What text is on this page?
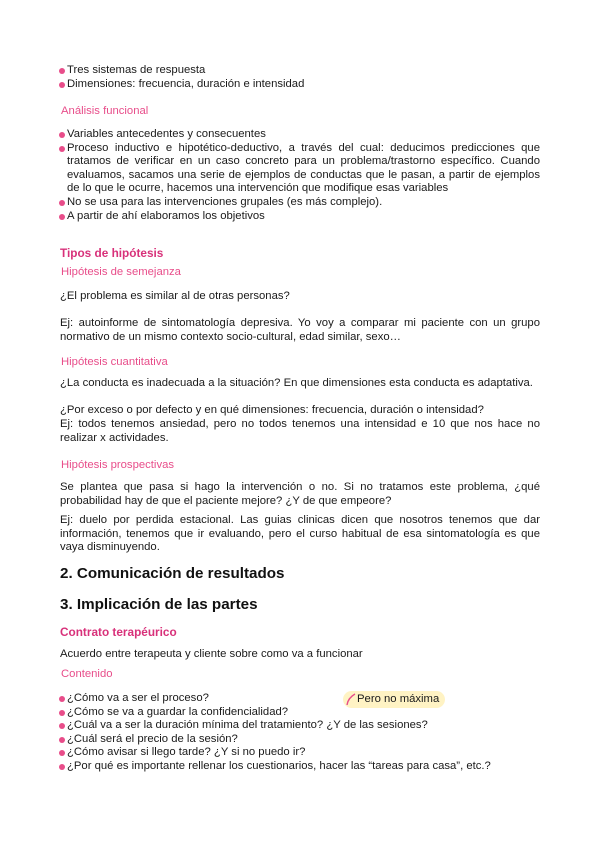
Tres sistemas de respuesta
Dimensiones: frecuencia, duración e intensidad

Análisis funcional

Variables antecedentes y consecuentes
Proceso inductivo e hipotético-deductivo, a través del cual: deducimos predicciones que tratamos de verificar en un caso concreto para un problema/trastorno específico. Cuando evaluamos, sacamos una serie de ejemplos de conductas que le pasan, a partir de ejemplos de lo que le ocurre, hacemos una intervención que modifique esas variables
No se usa para las intervenciones grupales (es más complejo).
A partir de ahí elaboramos los objetivos

Tipos de hipótesis

Hipótesis de semejanza

¿El problema es similar al de otras personas?

Ej: autoinforme de sintomatología depresiva. Yo voy a comparar mi paciente con un grupo normativo de un mismo contexto socio-cultural, edad similar, sexo…

Hipótesis cuantitativa

¿La conducta es inadecuada a la situación? En que dimensiones esta conducta es adaptativa.

¿Por exceso o por defecto y en qué dimensiones: frecuencia, duración o intensidad?

Ej: todos tenemos ansiedad, pero no todos tenemos una intensidad e 10 que nos hace no realizar x actividades.

Hipótesis prospectivas

Se plantea que pasa si hago la intervención o no. Si no tratamos este problema, ¿qué probabilidad hay de que el paciente mejore? ¿Y de que empeore?

Ej: duelo por perdida estacional. Las guias clinicas dicen que nosotros tenemos que dar información, tenemos que ir evaluando, pero el curso habitual de esa sintomatología es que vaya disminuyendo.

2. Comunicación de resultados

3. Implicación de las partes

Contrato terapéurico

Acuerdo entre terapeuta y cliente sobre como va a funcionar

Contenido

¿Cómo va a ser el proceso?
¿Cómo se va a guardar la confidencialidad?
¿Cuál va a ser la duración mínima del tratamiento? ¿Y de las sesiones?
¿Cuál será el precio de la sesión?
¿Cómo avisar si llego tarde? ¿Y si no puedo ir?
¿Por qué es importante rellenar los cuestionarios, hacer las “tareas para casa”, etc.?
Pero no máxima
